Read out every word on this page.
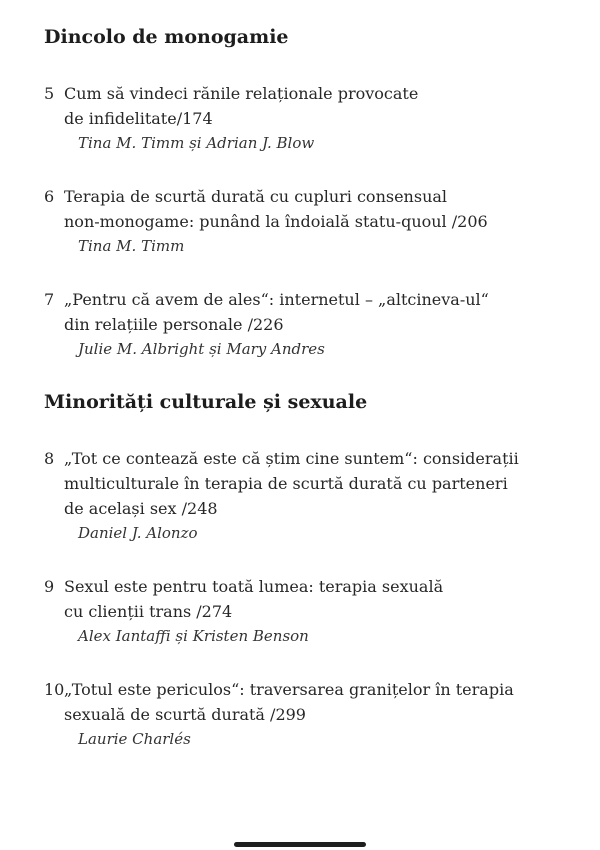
Dincolo de monogamie
5 Cum să vindeci rănile relaționale provocate
de infidelitate/174
Tina M. Timm și Adrian J. Blow
6 Terapia de scurtă durată cu cupluri consensual
non-monogame: punând la îndoială statu-quoul /206
Tina M. Timm
7 „Pentru că avem de ales“: internetul – „altcineva-ul“
din relațiile personale /226
Julie M. Albright și Mary Andres
Minorități culturale și sexuale
8 „Tot ce contează este că știm cine suntem“: considerații
multiculturale în terapia de scurtă durată cu parteneri
de același sex /248
Daniel J. Alonzo
9 Sexul este pentru toată lumea: terapia sexuală
cu clienții trans /274
Alex Iantaffi și Kristen Benson
10 „Totul este periculos“: traversarea granițelor în terapia
sexuală de scurtă durată /299
Laurie Charlés
